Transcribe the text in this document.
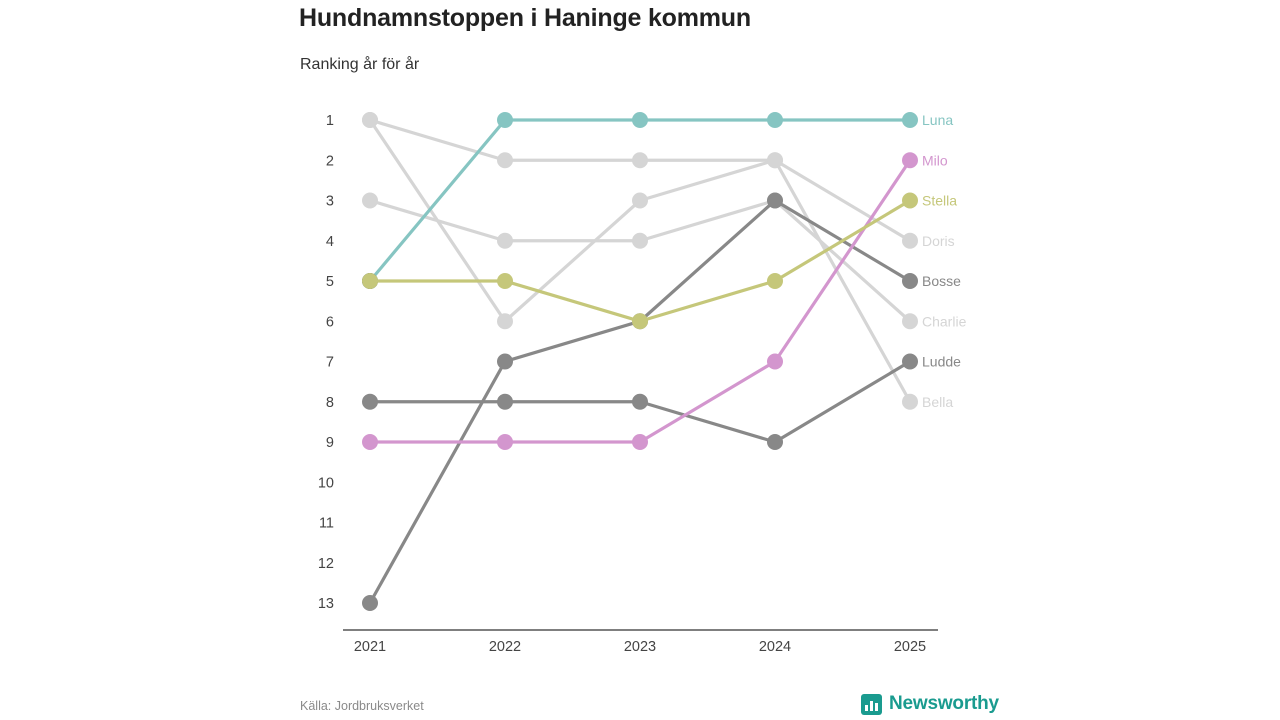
Hundnamnstoppen i Haninge kommun
Ranking år för år
1
2
3
4
5
6
7
8
9
10
11
12
13
2021	2022	2023	2024	2025
Doris
Charlie
Bella
Bosse
Ludde
Luna
Milo
Stella
Källa: Jordbruksverket	Newsworthy
